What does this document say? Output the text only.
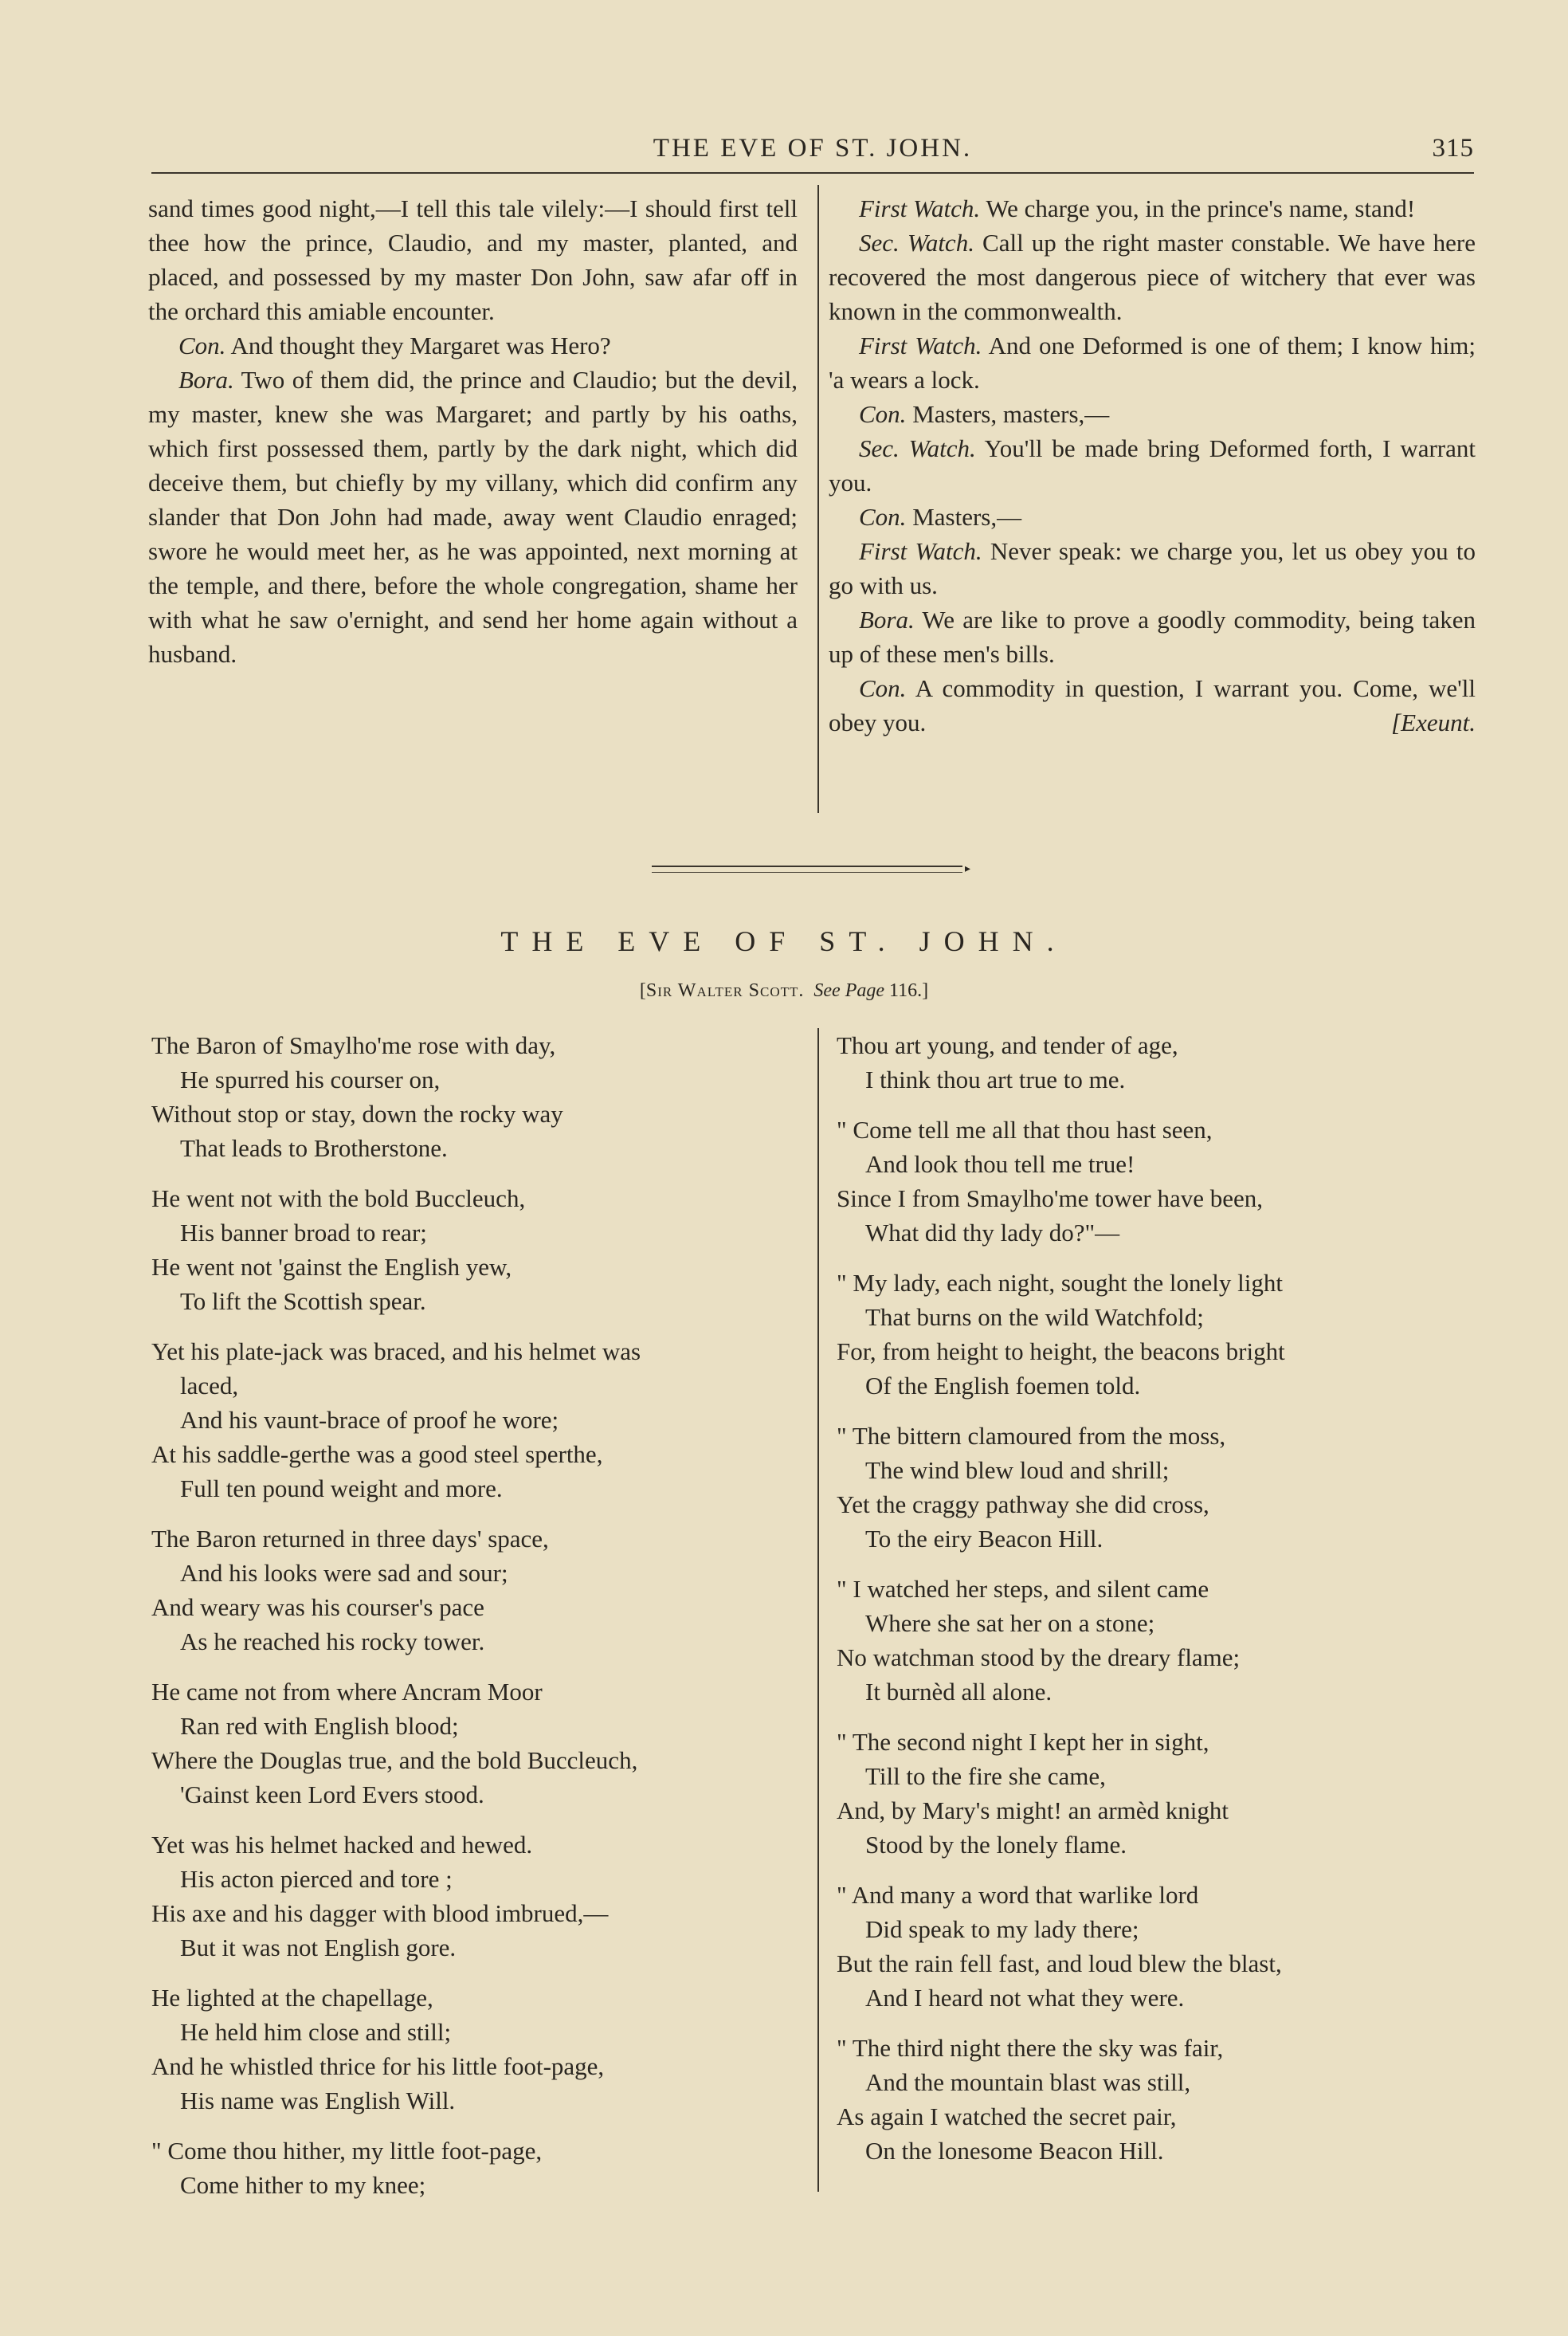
THE EVE OF ST. JOHN.	315

sand times good night,—I tell this tale vilely:—I should first tell thee how the prince, Claudio, and my master, planted, and placed, and possessed by my master Don John, saw afar off in the orchard this amiable encounter.

Con. And thought they Margaret was Hero?

Bora. Two of them did, the prince and Claudio; but the devil, my master, knew she was Margaret; and partly by his oaths, which first possessed them, partly by the dark night, which did deceive them, but chiefly by my villany, which did confirm any slander that Don John had made, away went Claudio enraged; swore he would meet her, as he was appointed, next morning at the temple, and there, before the whole congregation, shame her with what he saw o'ernight, and send her home again without a husband.

First Watch. We charge you, in the prince's name, stand!

Sec. Watch. Call up the right master constable. We have here recovered the most dangerous piece of witchery that ever was known in the commonwealth.

First Watch. And one Deformed is one of them; I know him; 'a wears a lock.

Con. Masters, masters,—

Sec. Watch. You'll be made bring Deformed forth, I warrant you.

Con. Masters,—

First Watch. Never speak: we charge you, let us obey you to go with us.

Bora. We are like to prove a goodly commodity, being taken up of these men's bills.

Con. A commodity in question, I warrant you. Come, we'll obey you.	[Exeunt.

▸
THE EVE OF ST. JOHN.
[Sir Walter Scott. See Page 116.]
The Baron of Smaylho'me rose with day,
He spurred his courser on,
Without stop or stay, down the rocky way
That leads to Brotherstone.
He went not with the bold Buccleuch,
His banner broad to rear;
He went not 'gainst the English yew,
To lift the Scottish spear.
Yet his plate-jack was braced, and his helmet was
laced,
And his vaunt-brace of proof he wore;
At his saddle-gerthe was a good steel sperthe,
Full ten pound weight and more.
The Baron returned in three days' space,
And his looks were sad and sour;
And weary was his courser's pace
As he reached his rocky tower.
He came not from where Ancram Moor
Ran red with English blood;
Where the Douglas true, and the bold Buccleuch,
'Gainst keen Lord Evers stood.
Yet was his helmet hacked and hewed.
His acton pierced and tore ;
His axe and his dagger with blood imbrued,—
But it was not English gore.
He lighted at the chapellage,
He held him close and still;
And he whistled thrice for his little foot-page,
His name was English Will.
" Come thou hither, my little foot-page,
Come hither to my knee;
Thou art young, and tender of age,
I think thou art true to me.
" Come tell me all that thou hast seen,
And look thou tell me true!
Since I from Smaylho'me tower have been,
What did thy lady do?"—
" My lady, each night, sought the lonely light
That burns on the wild Watchfold;
For, from height to height, the beacons bright
Of the English foemen told.
" The bittern clamoured from the moss,
The wind blew loud and shrill;
Yet the craggy pathway she did cross,
To the eiry Beacon Hill.
" I watched her steps, and silent came
Where she sat her on a stone;
No watchman stood by the dreary flame;
It burnèd all alone.
" The second night I kept her in sight,
Till to the fire she came,
And, by Mary's might! an armèd knight
Stood by the lonely flame.
" And many a word that warlike lord
Did speak to my lady there;
But the rain fell fast, and loud blew the blast,
And I heard not what they were.
" The third night there the sky was fair,
And the mountain blast was still,
As again I watched the secret pair,
On the lonesome Beacon Hill.
